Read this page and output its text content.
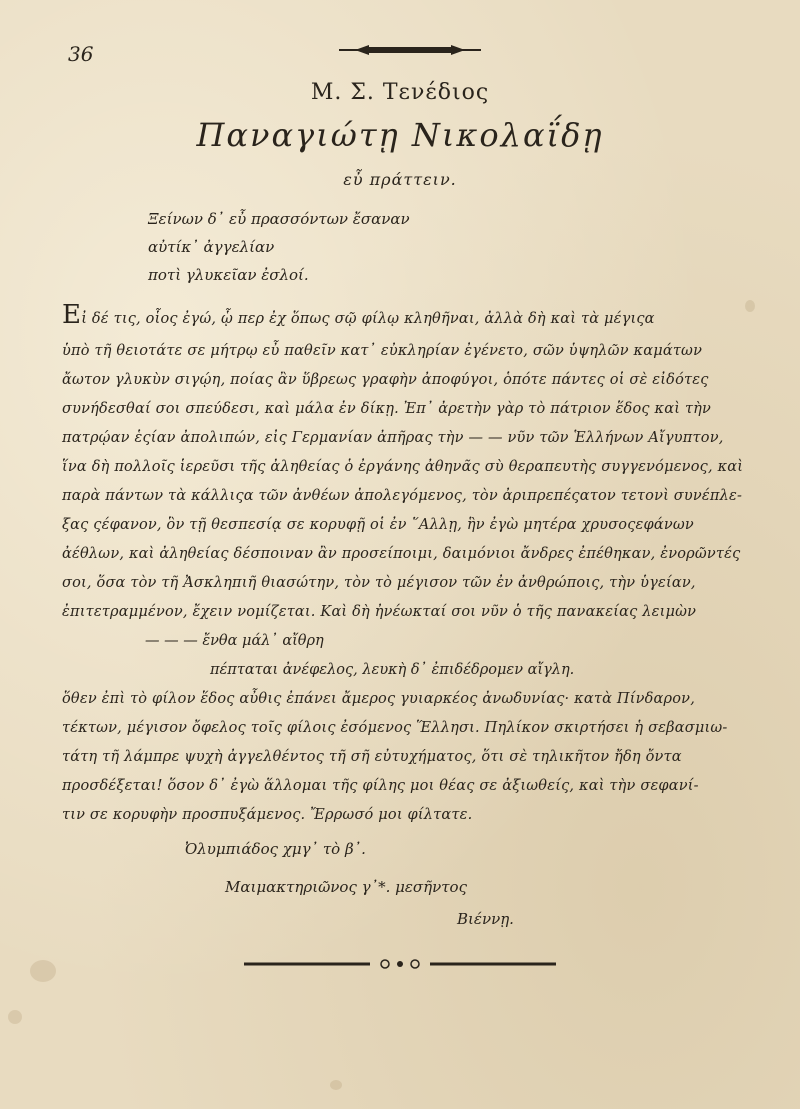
36
Μ. Σ. Τενέδιος
Παναγιώτῃ Νικολαΐδῃ
εὖ πράττειν.
Ξείνων δ᾽ εὖ πρασσόντων ἔσαναν
αὐτίκ᾽ ἀγγελίαν
ποτὶ γλυκεῖαν ἐσλοί.
Εἰ δέ τις, οἷος ἐγώ, ᾧ περ ἐχ ὅπως σῷ φίλῳ κληθῆναι, ἀλλὰ δὴ καὶ τὰ μέγιςα
ὑπὸ τῆ θειοτάτε σε μήτρῳ εὖ παθεῖν κατ᾽ εὐκληρίαν ἐγένετο, σῶν ὑψηλῶν καμάτων
ἄωτον γλυκὺν σιγῴη, ποίας ἂν ὕβρεως γραφὴν ἀποφύγοι, ὁπότε πάντες οἱ σὲ εἰδότες
συνήδεσθαί σοι σπεύδεσι, καὶ μάλα ἐν δίκῃ. Ἐπ᾽ ἀρετὴν γὰρ τὸ πάτριον ἕδος καὶ τὴν
πατρῴαν ἑςίαν ἀπολιπών, εἰς Γερμανίαν ἀπῆρας τὴν — — νῦν τῶν Ἑλλήνων Αἴγυπτον,
ἵνα δὴ πολλοῖς ἱερεῦσι τῆς ἀληθείας ὁ ἐργάνης ἀθηνᾶς σὺ θεραπευτὴς συγγενόμενος, καὶ
παρὰ πάντων τὰ κάλλιςα τῶν ἀνθέων ἀπολεγόμενος, τὸν ἀριπρεπέςατον τετονὶ συνέπλε-
ξας ςέφανον, ὃν τῇ θεσπεσίᾳ σε κορυφῇ οἱ ἐν ῞Αλλῃ, ἣν ἐγὼ μητέρα χρυσοςεφάνων
ἀέθλων, καὶ ἀληθείας δέσποιναν ἂν προσείποιμι, δαιμόνιοι ἄνδρες ἐπέθηκαν, ἐνορῶντές
σοι, ὅσα τὸν τῆ Ἀσκληπιῆ θιασώτην, τὸν τὸ μέγισον τῶν ἐν ἀνθρώποις, τὴν ὑγείαν,
ἐπιτετραμμένον, ἔχειν νομίζεται. Καὶ δὴ ἠνέωκταί σοι νῦν ὁ τῆς πανακείας λειμὼν
— — — ἔνθα μάλ᾽ αἴθρη
πέπταται ἀνέφελος, λευκὴ δ᾽ ἐπιδέδρομεν αἴγλη.
ὅθεν ἐπὶ τὸ φίλον ἕδος αὖθις ἐπάνει ἄμερος γυιαρκέος ἀνωδυνίας· κατὰ Πίνδαρον,
τέκτων, μέγισον ὄφελος τοῖς φίλοις ἐσόμενος Ἕλλησι. Πηλίκον σκιρτήσει ἡ σεβασμιω-
τάτη τῆ λάμπρε ψυχὴ ἀγγελθέντος τῆ σῆ εὐτυχήματος, ὅτι σὲ τηλικῆτον ἤδη ὄντα
προσδέξεται! ὅσον δ᾽ ἐγὼ ἅλλομαι τῆς φίλης μοι θέας σε ἀξιωθείς, καὶ τὴν σεφανί-
τιν σε κορυφὴν προσπυξάμενος. Ἔρρωσό μοι φίλτατε.
Ὀλυμπιάδος χμγ᾽ τὸ β᾽.
Μαιμακτηριῶνος γ᾽*. μεσῆντος
Βιέννῃ.
